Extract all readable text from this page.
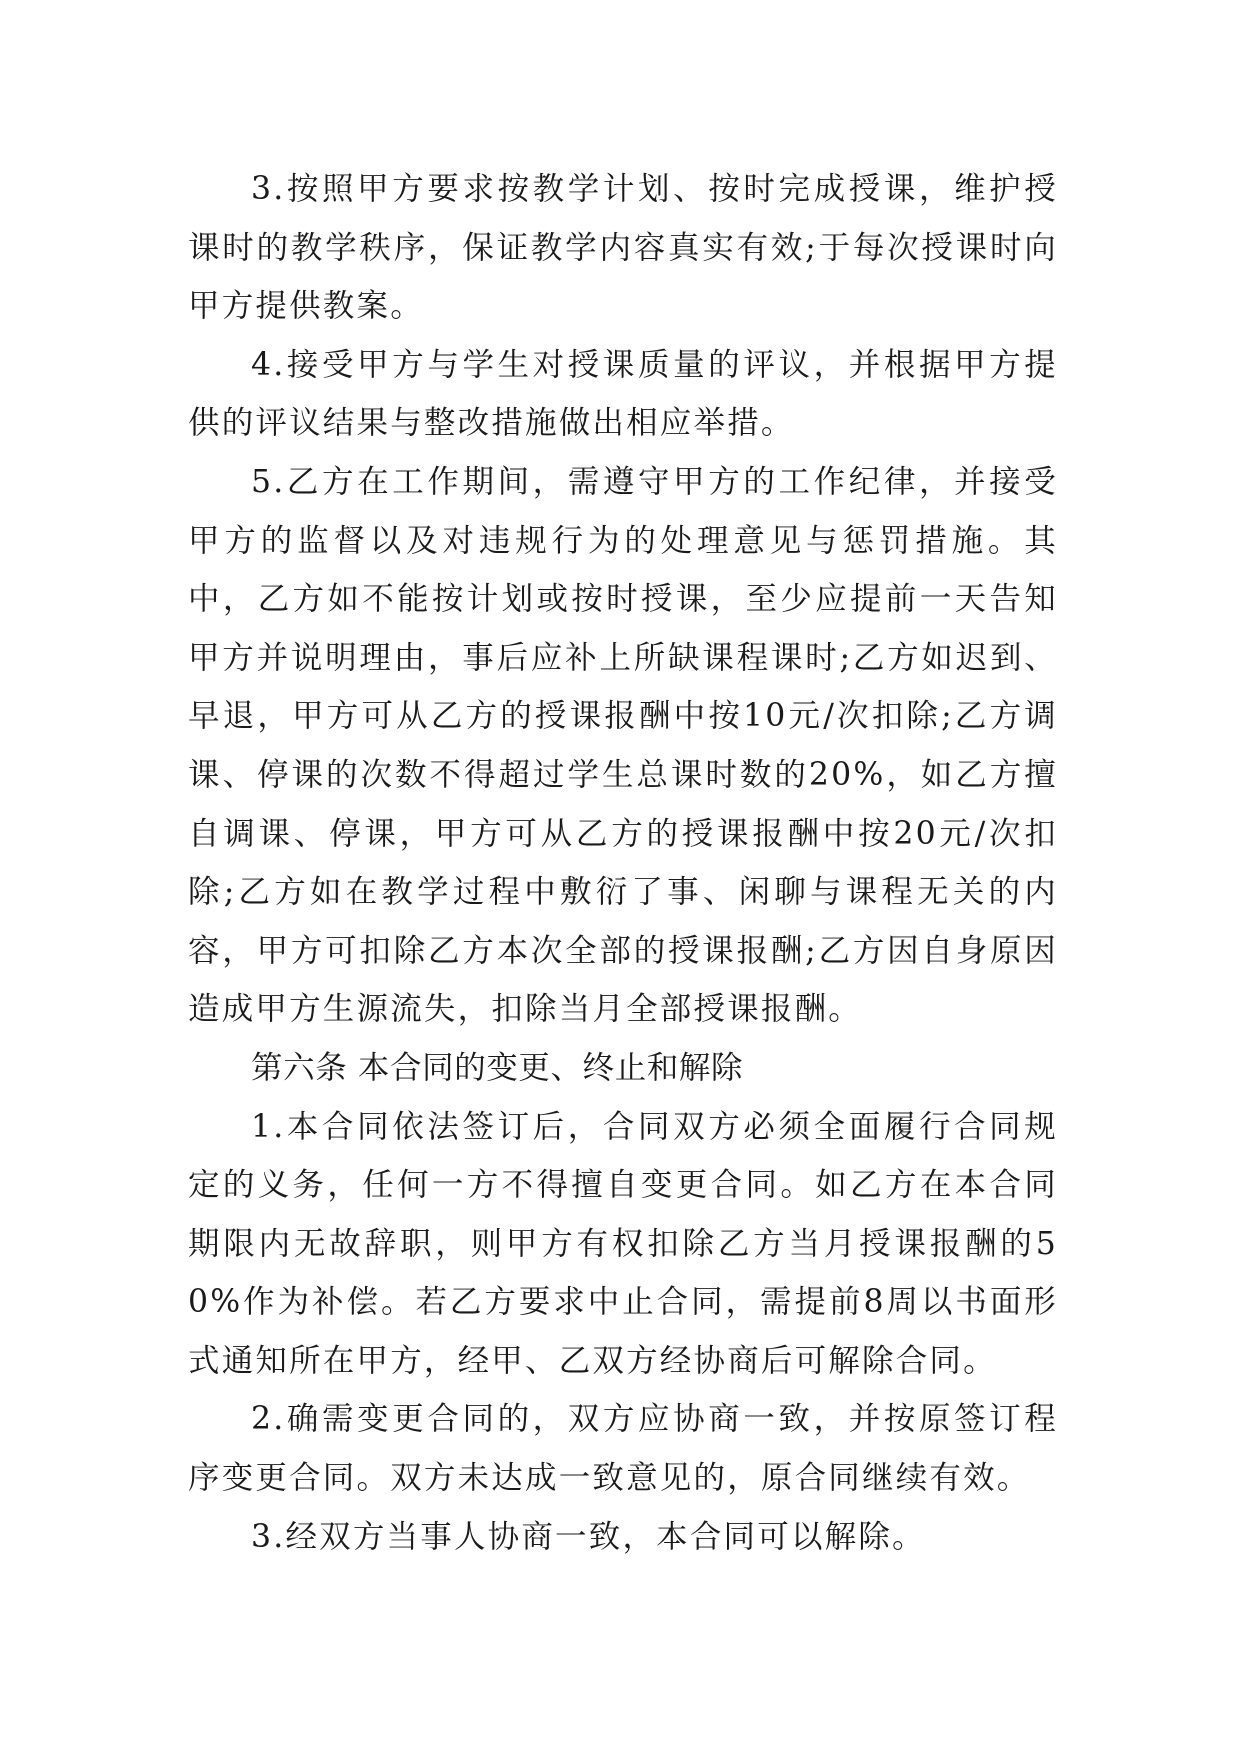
3.按照甲方要求按教学计划、按时完成授课，维护授课时的教学秩序，保证教学内容真实有效;于每次授课时向甲方提供教案。

4.接受甲方与学生对授课质量的评议，并根据甲方提供的评议结果与整改措施做出相应举措。

5.乙方在工作期间，需遵守甲方的工作纪律，并接受甲方的监督以及对违规行为的处理意见与惩罚措施。其中，乙方如不能按计划或按时授课，至少应提前一天告知甲方并说明理由，事后应补上所缺课程课时;乙方如迟到、早退，甲方可从乙方的授课报酬中按10元/次扣除;乙方调课、停课的次数不得超过学生总课时数的20%，如乙方擅自调课、停课，甲方可从乙方的授课报酬中按20元/次扣除;乙方如在教学过程中敷衍了事、闲聊与课程无关的内容，甲方可扣除乙方本次全部的授课报酬;乙方因自身原因造成甲方生源流失，扣除当月全部授课报酬。

第六条 本合同的变更、终止和解除

1.本合同依法签订后，合同双方必须全面履行合同规定的义务，任何一方不得擅自变更合同。如乙方在本合同期限内无故辞职，则甲方有权扣除乙方当月授课报酬的50%作为补偿。若乙方要求中止合同，需提前8周以书面形式通知所在甲方，经甲、乙双方经协商后可解除合同。

2.确需变更合同的，双方应协商一致，并按原签订程序变更合同。双方未达成一致意见的，原合同继续有效。

3.经双方当事人协商一致，本合同可以解除。
